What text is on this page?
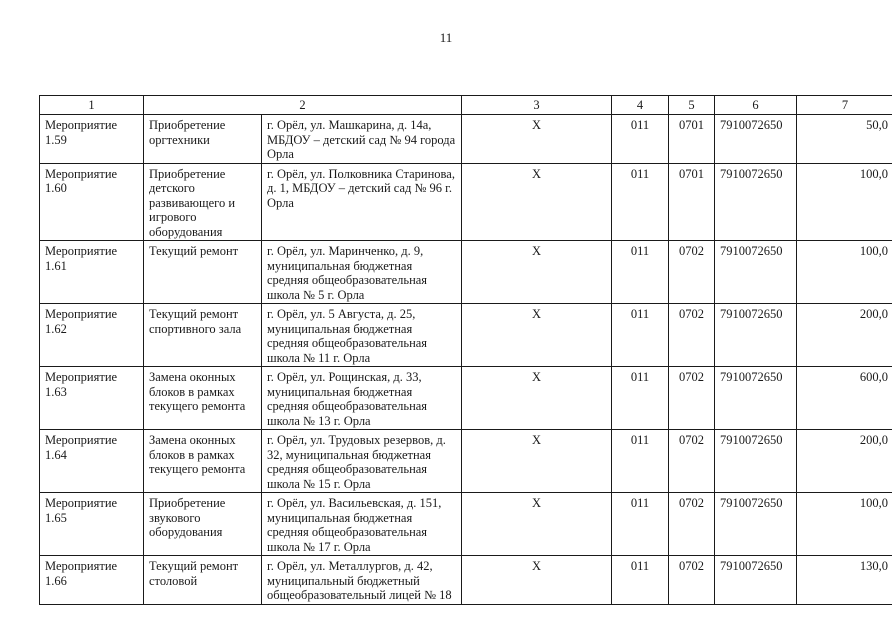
11
1	2		3	4	5	6	7
Мероприятие 1.59	Приобретение оргтехники	г. Орёл, ул. Машкарина, д. 14а, МБДОУ – детский сад № 94 города Орла	X	011	0701	7910072650	50,0
Мероприятие 1.60	Приобретение детского развивающего и игрового оборудования	г. Орёл, ул. Полковника Старинова, д. 1, МБДОУ – детский сад № 96 г. Орла	X	011	0701	7910072650	100,0
Мероприятие 1.61	Текущий ремонт	г. Орёл, ул. Маринченко, д. 9, муниципальная бюджетная средняя общеобразовательная школа № 5 г. Орла	X	011	0702	7910072650	100,0
Мероприятие 1.62	Текущий ремонт спортивного зала	г. Орёл, ул. 5 Августа, д. 25, муниципальная бюджетная средняя общеобразовательная школа № 11 г. Орла	X	011	0702	7910072650	200,0
Мероприятие 1.63	Замена оконных блоков в рамках текущего ремонта	г. Орёл, ул. Рощинская, д. 33, муниципальная бюджетная средняя общеобразовательная школа № 13 г. Орла	X	011	0702	7910072650	600,0
Мероприятие 1.64	Замена оконных блоков в рамках текущего ремонта	г. Орёл, ул. Трудовых резервов, д. 32, муниципальная бюджетная средняя общеобразовательная школа № 15 г. Орла	X	011	0702	7910072650	200,0
Мероприятие 1.65	Приобретение звукового оборудования	г. Орёл, ул. Васильевская, д. 151, муниципальная бюджетная средняя общеобразовательная школа № 17 г. Орла	X	011	0702	7910072650	100,0
Мероприятие 1.66	Текущий ремонт столовой	г. Орёл, ул. Металлургов, д. 42, муниципальный бюджетный общеобразовательный лицей № 18	X	011	0702	7910072650	130,0
